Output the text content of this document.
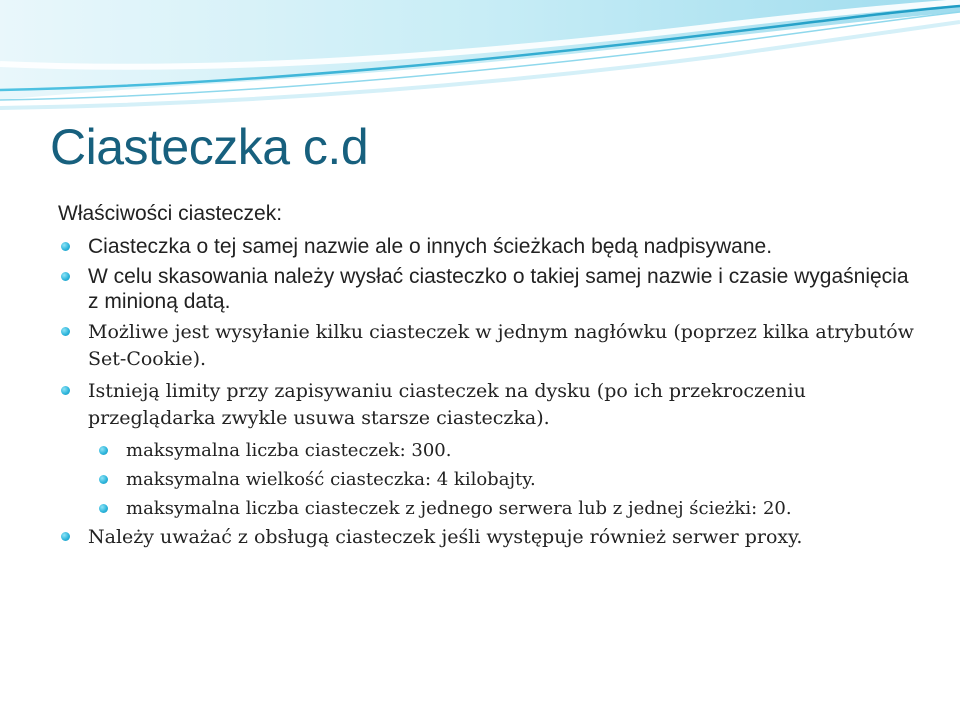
Ciasteczka c.d
Właściwości ciasteczek:
Ciasteczka o tej samej nazwie ale o innych ścieżkach będą nadpisywane.
W celu skasowania należy wysłać ciasteczko o takiej samej nazwie i czasie wygaśnięcia z minioną datą.
Możliwe jest wysyłanie kilku ciasteczek w jednym nagłówku (poprzez kilka atrybutów Set-Cookie).
Istnieją limity przy zapisywaniu ciasteczek na dysku (po ich przekroczeniu przeglądarka zwykle usuwa starsze ciasteczka).
maksymalna liczba ciasteczek: 300.
maksymalna wielkość ciasteczka: 4 kilobajty.
maksymalna liczba ciasteczek z jednego serwera lub z jednej ścieżki: 20.
Należy uważać z obsługą ciasteczek jeśli występuje również serwer proxy.
